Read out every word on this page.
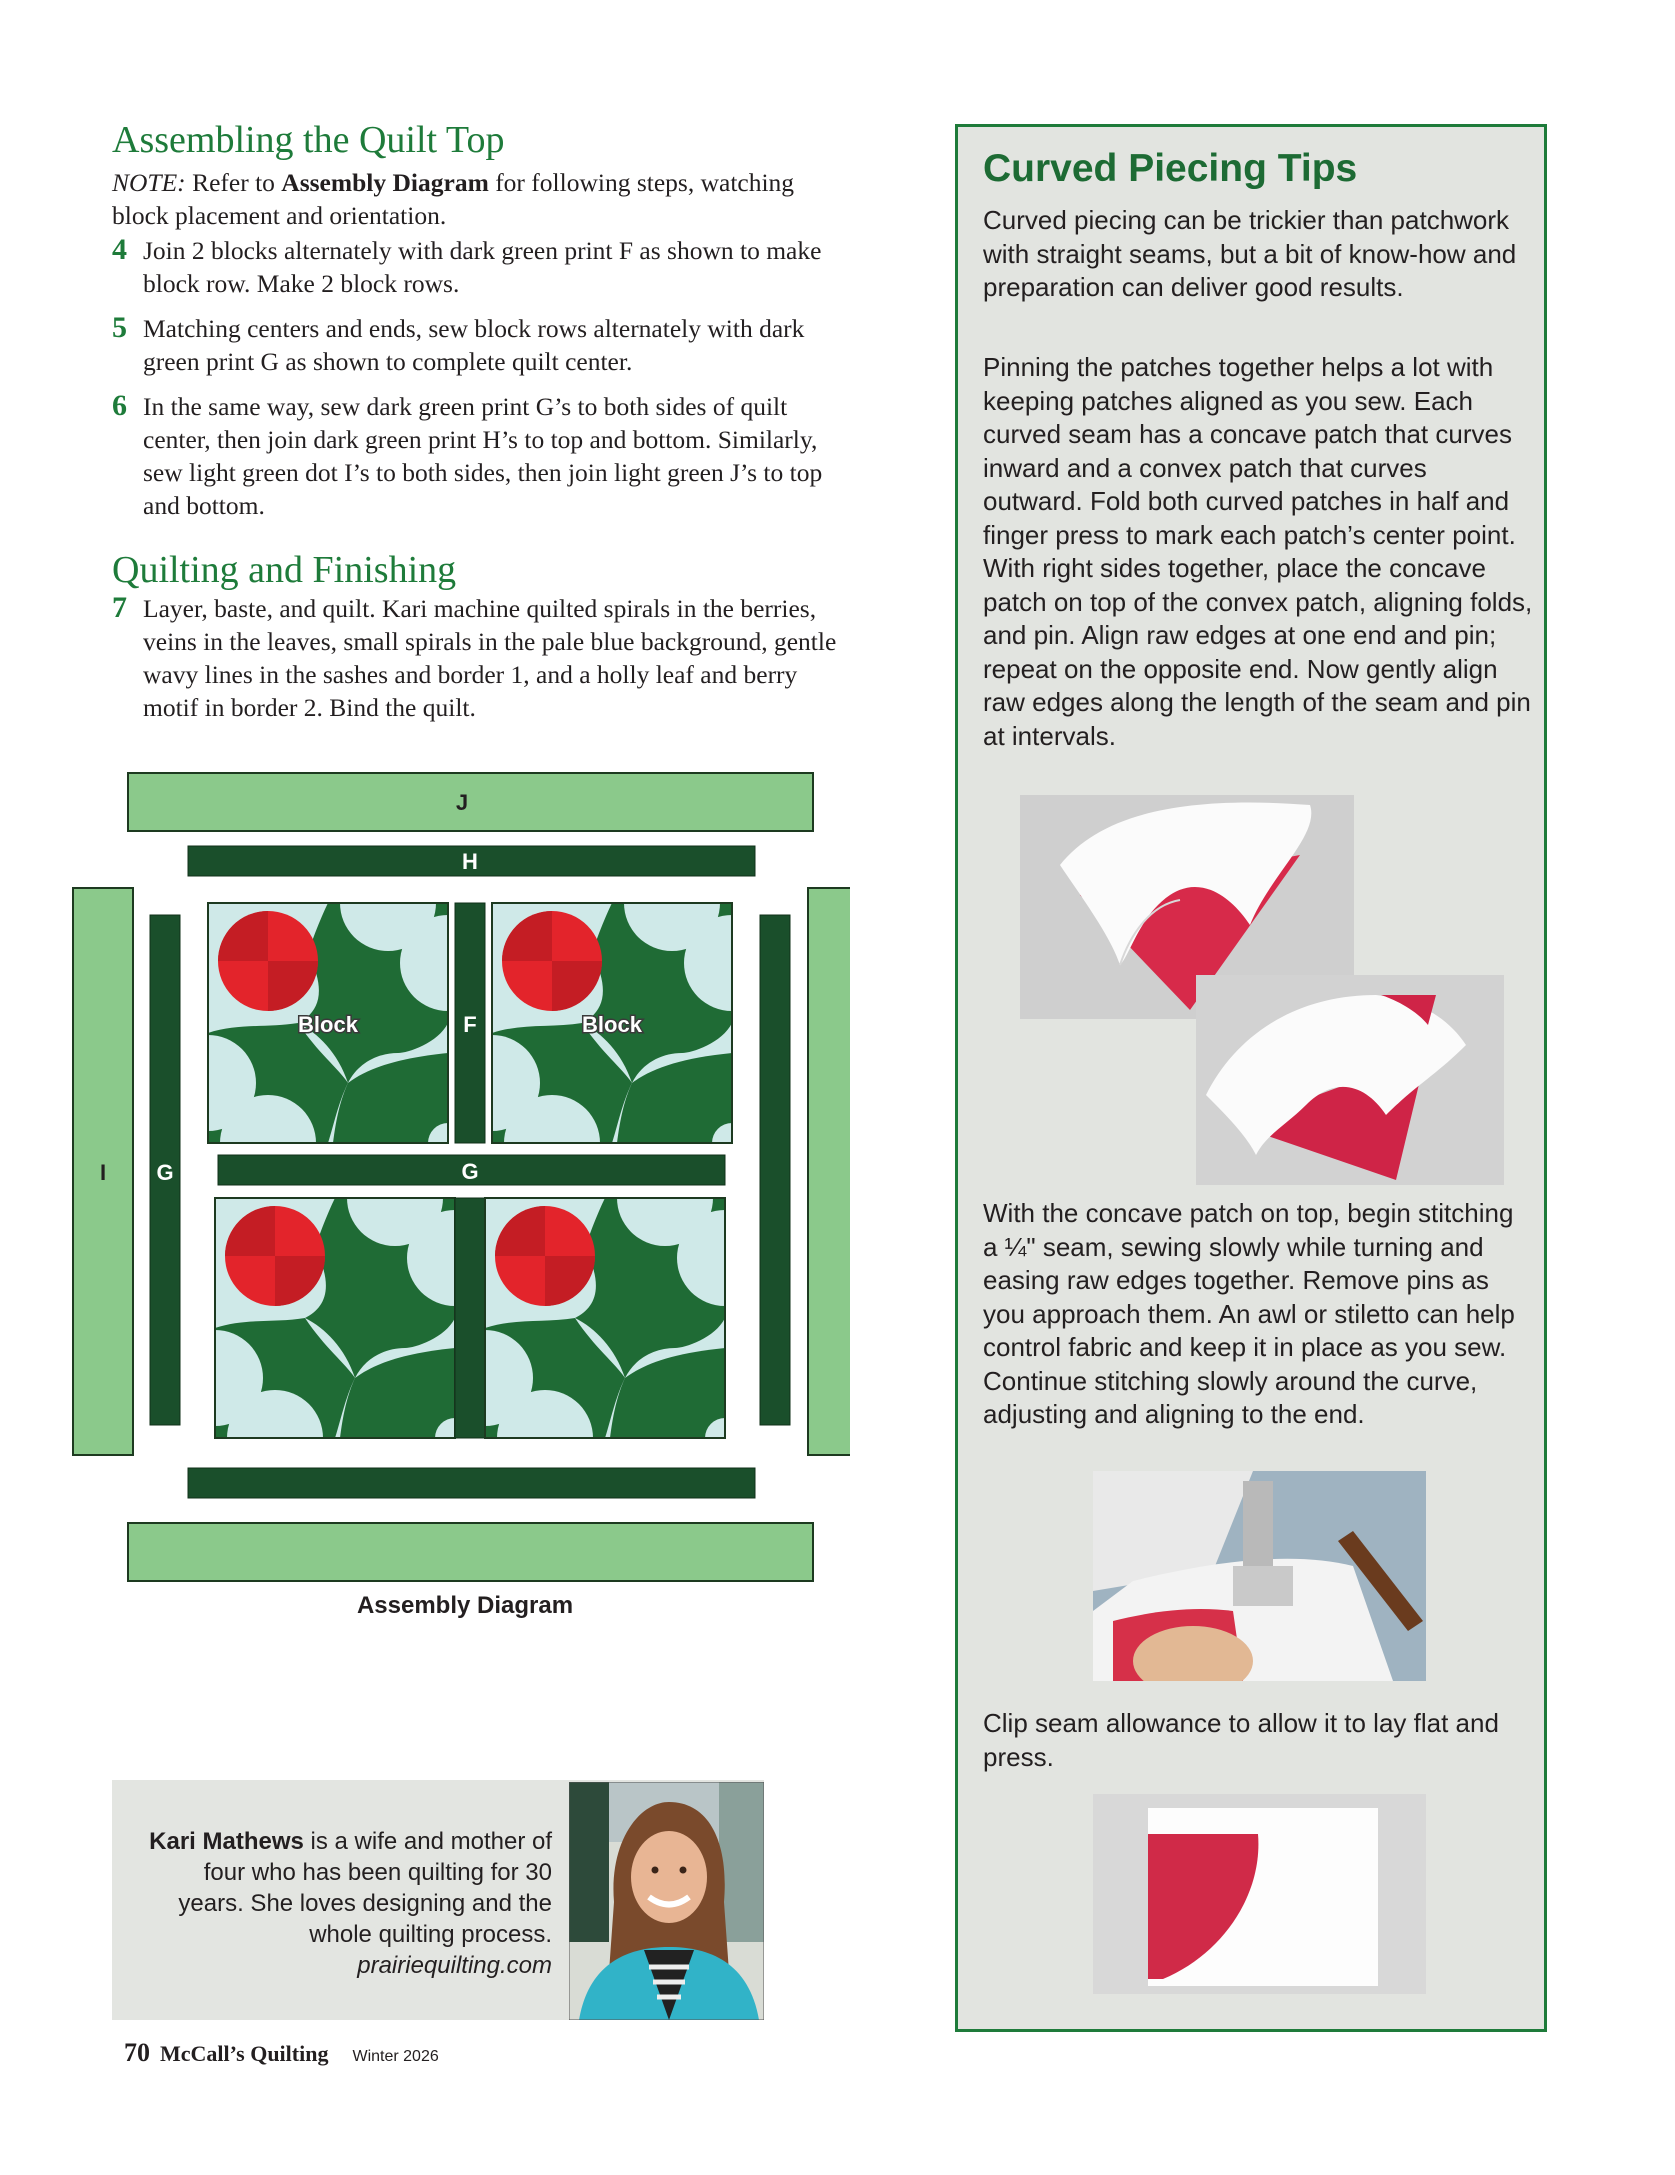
Assembling the Quilt Top
NOTE: Refer to Assembly Diagram for following steps, watching block placement and orientation.
4 Join 2 blocks alternately with dark green print F as shown to make block row. Make 2 block rows.
5 Matching centers and ends, sew block rows alternately with dark green print G as shown to complete quilt center.
6 In the same way, sew dark green print G’s to both sides of quilt center, then join dark green print H’s to top and bottom. Similarly, sew light green dot I’s to both sides, then join light green J’s to top and bottom.
Quilting and Finishing
7 Layer, baste, and quilt. Kari machine quilted spirals in the berries, veins in the leaves, small spirals in the pale blue background, gentle wavy lines in the sashes and border 1, and a holly leaf and berry motif in border 2. Bind the quilt.
J
H
I G
F
Block	Block
G
Assembly Diagram
Kari Mathews is a wife and mother of four who has been quilting for 30 years. She loves designing and the whole quilting process.
prairiequilting.com
70 McCall’s Quilting Winter 2026
Curved Piecing Tips
Curved piecing can be trickier than patchwork with straight seams, but a bit of know-how and preparation can deliver good results.
Pinning the patches together helps a lot with keeping patches aligned as you sew. Each curved seam has a concave patch that curves inward and a convex patch that curves outward. Fold both curved patches in half and finger press to mark each patch’s center point. With right sides together, place the concave patch on top of the convex patch, aligning folds, and pin. Align raw edges at one end and pin; repeat on the opposite end. Now gently align raw edges along the length of the seam and pin at intervals.
With the concave patch on top, begin stitching a ¼" seam, sewing slowly while turning and easing raw edges together. Remove pins as you approach them. An awl or stiletto can help control fabric and keep it in place as you sew. Continue stitching slowly around the curve, adjusting and aligning to the end.
Clip seam allowance to allow it to lay flat and press.
